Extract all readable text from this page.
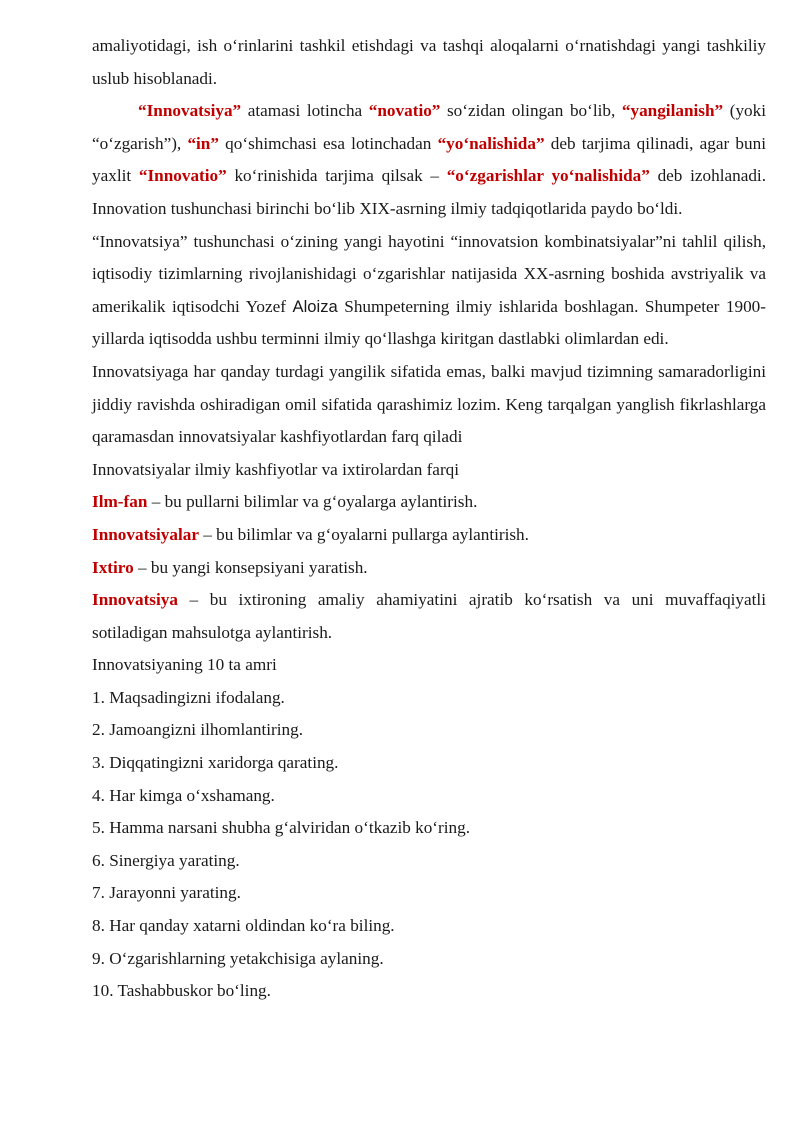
amaliyotidagi, ish o‘rinlarini tashkil etishdagi va tashqi aloqalarni o‘rnatishdagi yangi tashkiliy uslub hisoblanadi.

“Innovatsiya” atamasi lotincha “novatio” so‘zidan olingan bo‘lib, “yangilanish” (yoki “o‘zgarish”), “in” qo‘shimchasi esa lotinchadan “yo‘nalishida” deb tarjima qilinadi, agar buni yaxlit “Innovatio” ko‘rinishida tarjima qilsak – “o‘zgarishlar yo‘nalishida” deb izohlanadi. Innovation tushunchasi birinchi bo‘lib XIX-asrning ilmiy tadqiqotlarida paydo bo‘ldi.

“Innovatsiya” tushunchasi o‘zining yangi hayotini “innovatsion kombinatsiyalar”ni tahlil qilish, iqtisodiy tizimlarning rivojlanishidagi o‘zgarishlar natijasida XX-asrning boshida avstriyalik va amerikalik iqtisodchi Yozef Aloiza Shumpeterning ilmiy ishlarida boshlagan. Shumpeter 1900-yillarda iqtisodda ushbu terminni ilmiy qo‘llashga kiritgan dastlabki olimlardan edi.

Innovatsiyaga har qanday turdagi yangilik sifatida emas, balki mavjud tizimning samaradorligini jiddiy ravishda oshiradigan omil sifatida qarashimiz lozim. Keng tarqalgan yanglish fikrlashlarga qaramasdan innovatsiyalar kashfiyotlardan farq qiladi

Innovatsiyalar ilmiy kashfiyotlar va ixtirolardan farqi

Ilm-fan – bu pullarni bilimlar va g‘oyalarga aylantirish.

Innovatsiyalar – bu bilimlar va g‘oyalarni pullarga aylantirish.

Ixtiro – bu yangi konsepsiyani yaratish.

Innovatsiya – bu ixtironing amaliy ahamiyatini ajratib ko‘rsatish va uni muvaffaqiyatli sotiladigan mahsulotga aylantirish.

Innovatsiyaning 10 ta amri

1. Maqsadingizni ifodalang.

2. Jamoangizni ilhomlantiring.

3. Diqqatingizni xaridorga qarating.

4. Har kimga o‘xshamang.

5. Hamma narsani shubha g‘alviridan o‘tkazib ko‘ring.

6. Sinergiya yarating.

7. Jarayonni yarating.

8. Har qanday xatarni oldindan ko‘ra biling.

9. O‘zgarishlarning yetakchisiga aylaning.

10. Tashabbuskor bo‘ling.
